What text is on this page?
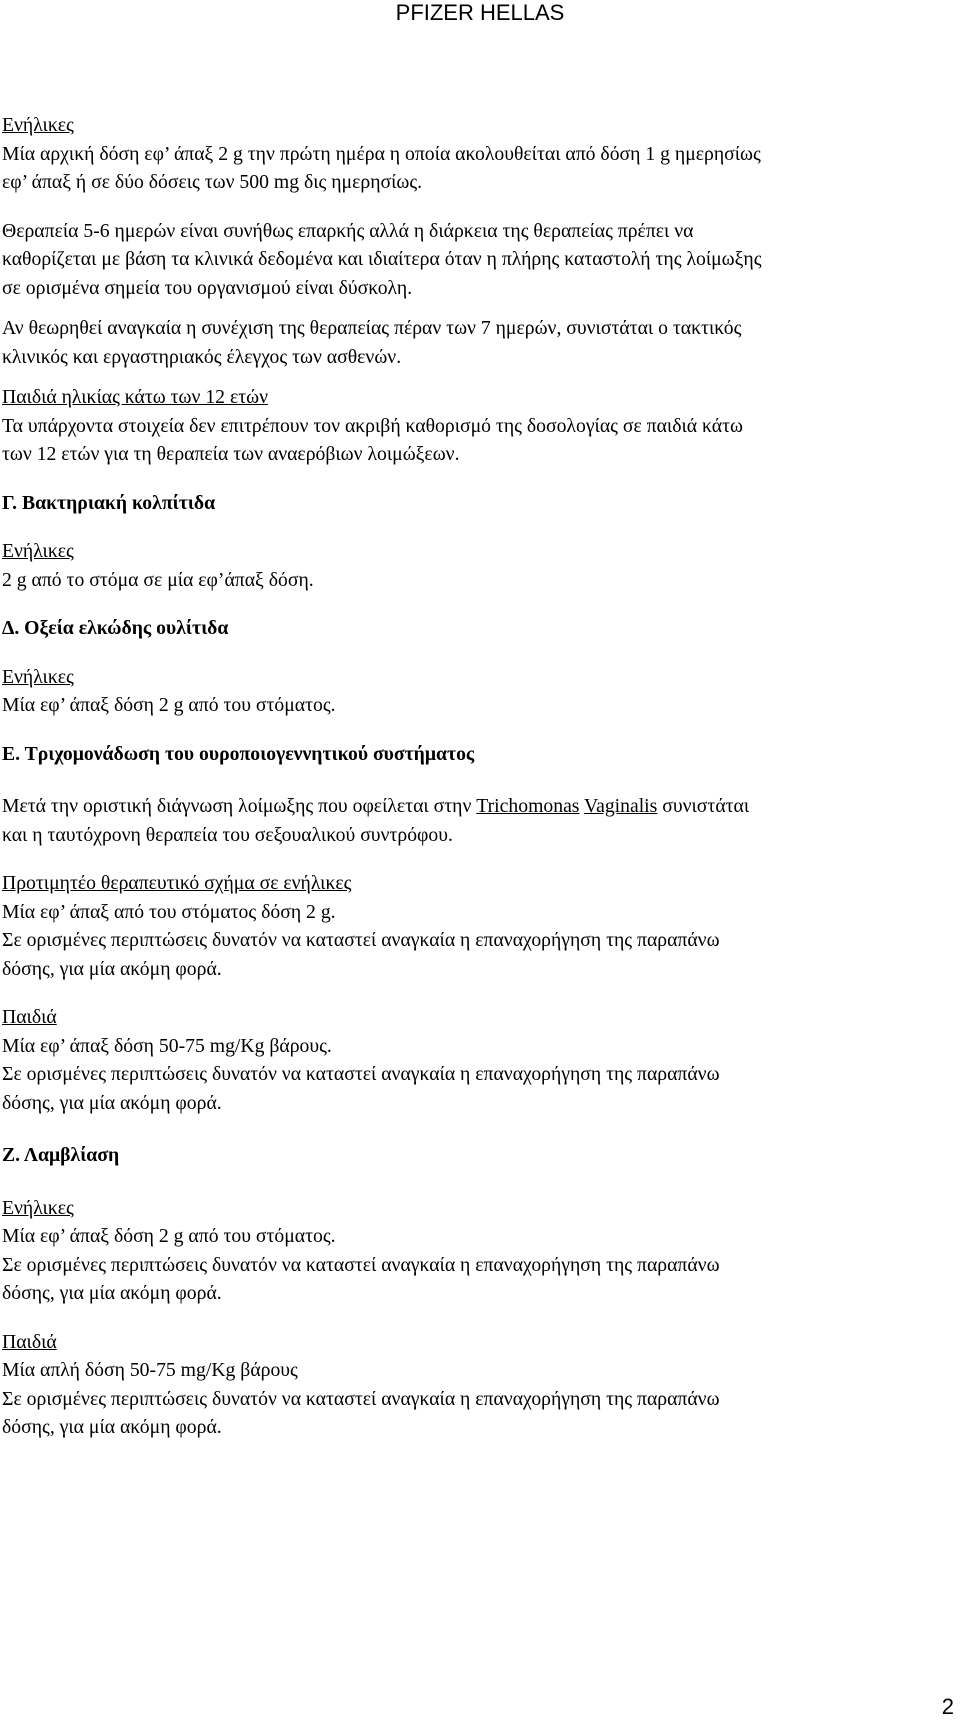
PFIZER HELLAS
Ενήλικες
Μία αρχική δόση εφ’ άπαξ 2 g την πρώτη ημέρα η οποία ακολουθείται από δόση 1 g ημερησίως
εφ’ άπαξ ή σε δύο δόσεις των 500 mg δις ημερησίως.
Θεραπεία 5-6 ημερών είναι συνήθως επαρκής αλλά η διάρκεια της θεραπείας πρέπει να
καθορίζεται με βάση τα κλινικά δεδομένα και ιδιαίτερα όταν η πλήρης καταστολή της λοίμωξης
σε ορισμένα σημεία του οργανισμού είναι δύσκολη.
Αν θεωρηθεί αναγκαία η συνέχιση της θεραπείας πέραν των 7 ημερών, συνιστάται ο τακτικός
κλινικός και εργαστηριακός έλεγχος των ασθενών.
Παιδιά ηλικίας κάτω των 12 ετών
Τα υπάρχοντα στοιχεία δεν επιτρέπουν τον ακριβή καθορισμό της δοσολογίας σε παιδιά κάτω
των 12 ετών για τη θεραπεία των αναερόβιων λοιμώξεων.
Γ. Βακτηριακή κολπίτιδα
Ενήλικες
2 g από το στόμα σε μία εφ’άπαξ δόση.
Δ. Οξεία ελκώδης ουλίτιδα
Ενήλικες
Μία εφ’ άπαξ δόση 2 g από του στόματος.
Ε. Τριχομονάδωση του ουροποιογεννητικού συστήματος
Μετά την οριστική διάγνωση λοίμωξης που οφείλεται στην Trichomonas Vaginalis συνιστάται
και η ταυτόχρονη θεραπεία του σεξουαλικού συντρόφου.
Προτιμητέο θεραπευτικό σχήμα σε ενήλικες
Μία εφ’ άπαξ από του στόματος δόση 2 g.
Σε ορισμένες περιπτώσεις δυνατόν να καταστεί αναγκαία η επαναχορήγηση της παραπάνω
δόσης, για μία ακόμη φορά.
Παιδιά
Μία εφ’ άπαξ δόση 50-75 mg/Kg βάρους.
Σε ορισμένες περιπτώσεις δυνατόν να καταστεί αναγκαία η επαναχορήγηση της παραπάνω
δόσης, για μία ακόμη φορά.
Ζ. Λαμβλίαση
Ενήλικες
Μία εφ’ άπαξ δόση 2 g από του στόματος.
Σε ορισμένες περιπτώσεις δυνατόν να καταστεί αναγκαία η επαναχορήγηση της παραπάνω
δόσης, για μία ακόμη φορά.
Παιδιά
Μία απλή δόση 50-75 mg/Kg βάρους
Σε ορισμένες περιπτώσεις δυνατόν να καταστεί αναγκαία η επαναχορήγηση της παραπάνω
δόσης, για μία ακόμη φορά.
2
